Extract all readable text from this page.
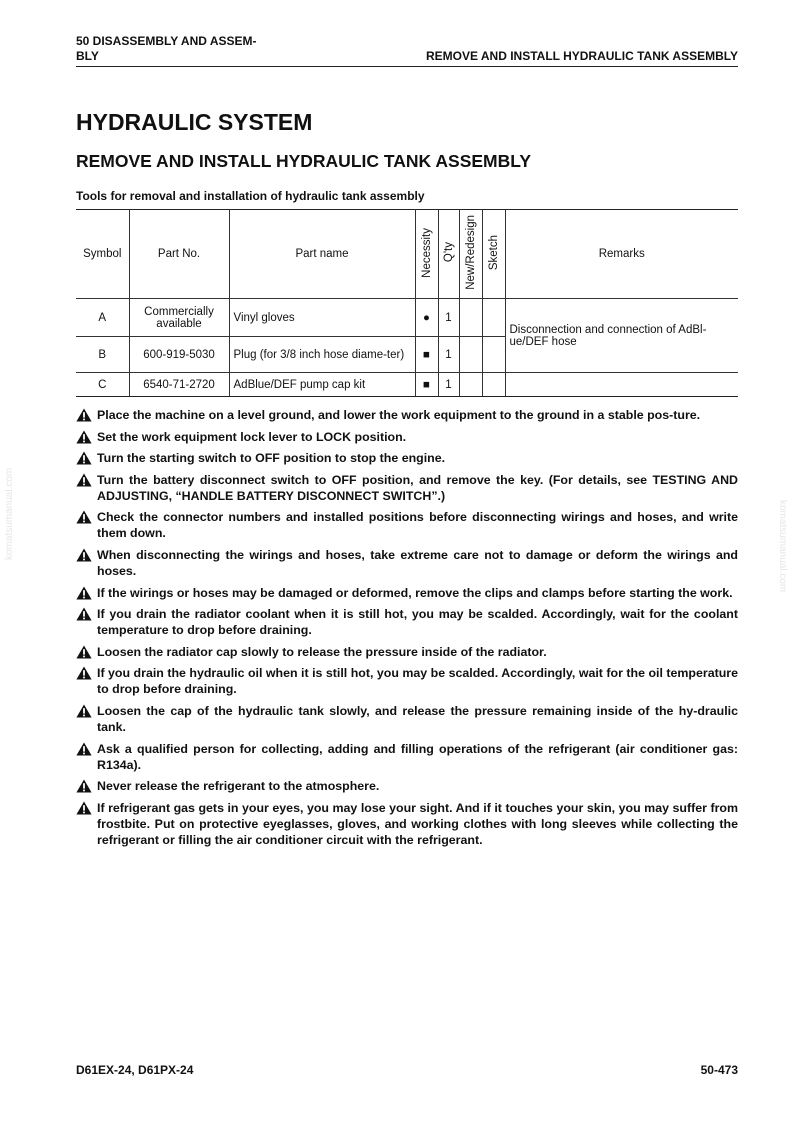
50 DISASSEMBLY AND ASSEM-
BLY	REMOVE AND INSTALL HYDRAULIC TANK ASSEMBLY
HYDRAULIC SYSTEM
REMOVE AND INSTALL HYDRAULIC TANK ASSEMBLY

Tools for removal and installation of hydraulic tank assembly

Symbol	Part No.	Part name	Necessity	Q'ty	New/Redesign	Sketch	Remarks
A	Commercially available	Vinyl gloves	●	1			Disconnection and connection of AdBl-ue/DEF hose
B	600-919-5030	Plug (for 3/8 inch hose diame-ter)	■	1			
C	6540-71-2720	AdBlue/DEF pump cap kit	■	1			
Place the machine on a level ground, and lower the work equipment to the ground in a stable pos-ture.
Set the work equipment lock lever to LOCK position.
Turn the starting switch to OFF position to stop the engine.
Turn the battery disconnect switch to OFF position, and remove the key. (For details, see TESTING AND ADJUSTING, “HANDLE BATTERY DISCONNECT SWITCH”.)
Check the connector numbers and installed positions before disconnecting wirings and hoses, and write them down.
When disconnecting the wirings and hoses, take extreme care not to damage or deform the wirings and hoses.
If the wirings or hoses may be damaged or deformed, remove the clips and clamps before starting the work.
If you drain the radiator coolant when it is still hot, you may be scalded. Accordingly, wait for the coolant temperature to drop before draining.
Loosen the radiator cap slowly to release the pressure inside of the radiator.
If you drain the hydraulic oil when it is still hot, you may be scalded. Accordingly, wait for the oil temperature to drop before draining.
Loosen the cap of the hydraulic tank slowly, and release the pressure remaining inside of the hy-draulic tank.
Ask a qualified person for collecting, adding and filling operations of the refrigerant (air conditioner gas: R134a).
Never release the refrigerant to the atmosphere.
If refrigerant gas gets in your eyes, you may lose your sight. And if it touches your skin, you may suffer from frostbite. Put on protective eyeglasses, gloves, and working clothes with long sleeves while collecting the refrigerant or filling the air conditioner circuit with the refrigerant.
D61EX-24, D61PX-24	50-473
komatsumanual.com	komatsumanual.com
